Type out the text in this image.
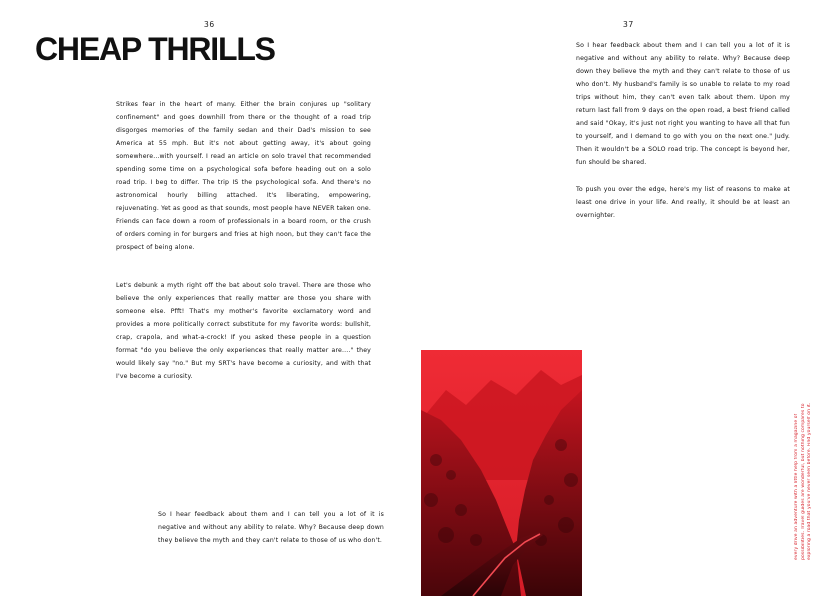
36	37
CHEAP THRILLS

Strikes fear in the heart of many. Either the brain conjures up "solitary confinement" and goes downhill from there or the thought of a road trip disgorges memories of the family sedan and their Dad's mission to see America at 55 mph. But it's not about getting away, it's about going somewhere...with yourself. I read an article on solo travel that recommended spending some time on a psychological sofa before heading out on a solo road trip. I beg to differ. The trip IS the psychological sofa. And there's no astronomical hourly billing attached. It's liberating, empowering, rejuvenating. Yet as good as that sounds, most people have NEVER taken one. Friends can face down a room of professionals in a board room, or the crush of orders coming in for burgers and fries at high noon, but they can't face the prospect of being alone.

Let's debunk a myth right off the bat about solo travel. There are those who believe the only experiences that really matter are those you share with someone else. Pfft! That's my mother's favorite exclamatory word and provides a more politically correct substitute for my favorite words: bullshit, crap, crapola, and what-a-crock! If you asked these people in a question format "do you believe the only experiences that really matter are...." they would likely say "no." But my SRT's have become a curiosity, and with that I've become a curiosity.

So I hear feedback about them and I can tell you a lot of it is negative and without any ability to relate. Why? Because deep down they believe the myth and they can't relate to those of us who don't.

So I hear feedback about them and I can tell you a lot of it is negative and without any ability to relate. Why? Because deep down they believe the myth and they can't relate to those of us who don't. My husband's family is so unable to relate to my road trips without him, they can't even talk about them. Upon my return last fall from 9 days on the open road, a best friend called and said "Okay, it's just not right you wanting to have all that fun to yourself, and I demand to go with you on the next one." Judy. Then it wouldn't be a SOLO road trip. The concept is beyond her, fun should be shared.

To push you over the edge, here's my list of reasons to make at least one drive in your life. And really, it should be at least an overnighter.

every drive an adventure with a little help from a magazine of possibilities. Travel guides are wonderful, but nothing compares to exploring a road that you've never seen before. Find yourself on it.
